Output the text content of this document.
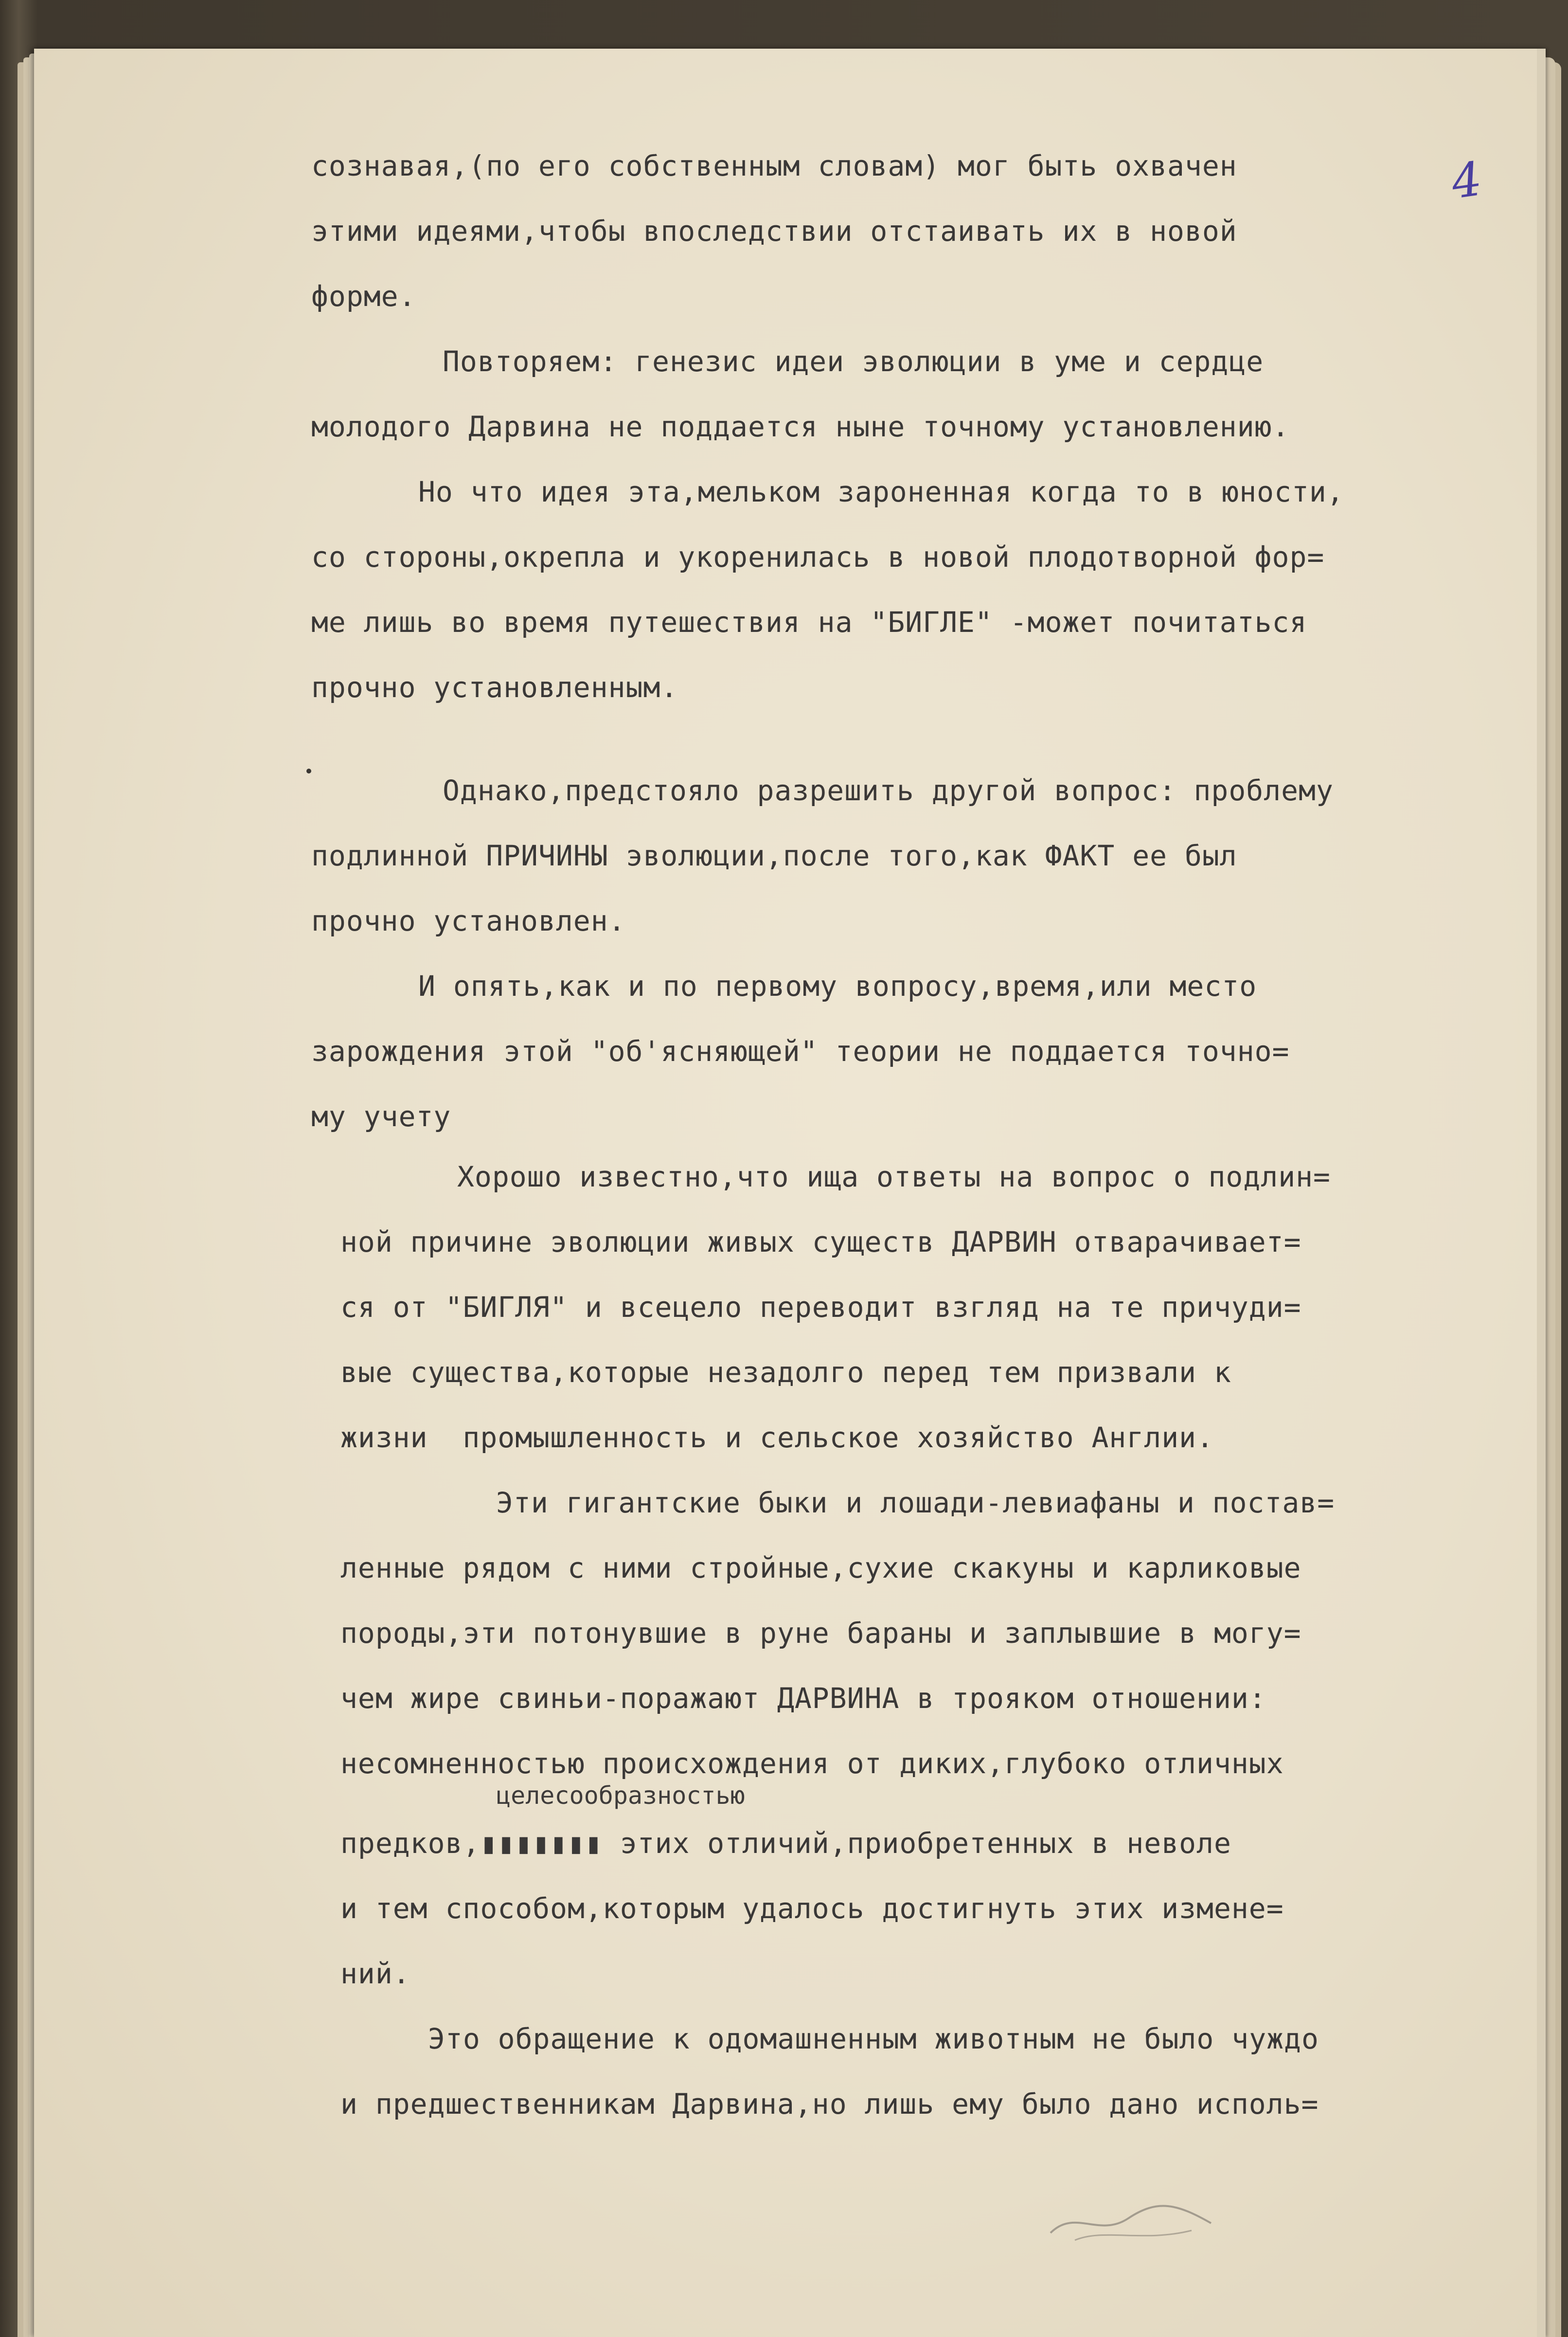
4
сознавая,(по его собственным словам) мог быть охвачен
этими идеями,чтобы впоследствии отстаивать их в новой
форме.
Повторяем: генезис идеи эволюции в уме и сердце
молодого Дарвина не поддается ныне точному установлению.
Но что идея эта,мельком зароненная когда то в юности,
со стороны,окрепла и укоренилась в новой плодотворной фор=
ме лишь во время путешествия на "БИГЛЕ" -может почитаться
прочно установленным.
Однако,предстояло разрешить другой вопрос: проблему
подлинной ПРИЧИНЫ эволюции,после того,как ФАКТ ее был
прочно установлен.
И опять,как и по первому вопросу,время,или место
зарождения этой "об'ясняющей" теории не поддается точно=
му учету
Хорошо известно,что ища ответы на вопрос о подлин=
ной причине эволюции живых существ ДАРВИН отварачивает=
ся от "БИГЛЯ" и всецело переводит взгляд на те причуди=
вые существа,которые незадолго перед тем призвали к
жизни  промышленность и сельское хозяйство Англии.
Эти гигантские быки и лошади-левиафаны и постав=
ленные рядом с ними стройные,сухие скакуны и карликовые
породы,эти потонувшие в руне бараны и заплывшие в могу=
чем жире свиньи-поражают ДАРВИНА в трояком отношении:
несомненностью происхождения от диких,глубоко отличных
целесообразностью
предков,▮▮▮▮▮▮▮ этих отличий,приобретенных в неволе
и тем способом,которым удалось достигнуть этих измене=
ний.
Это обращение к одомашненным животным не было чуждо
и предшественникам Дарвина,но лишь ему было дано исполь=
